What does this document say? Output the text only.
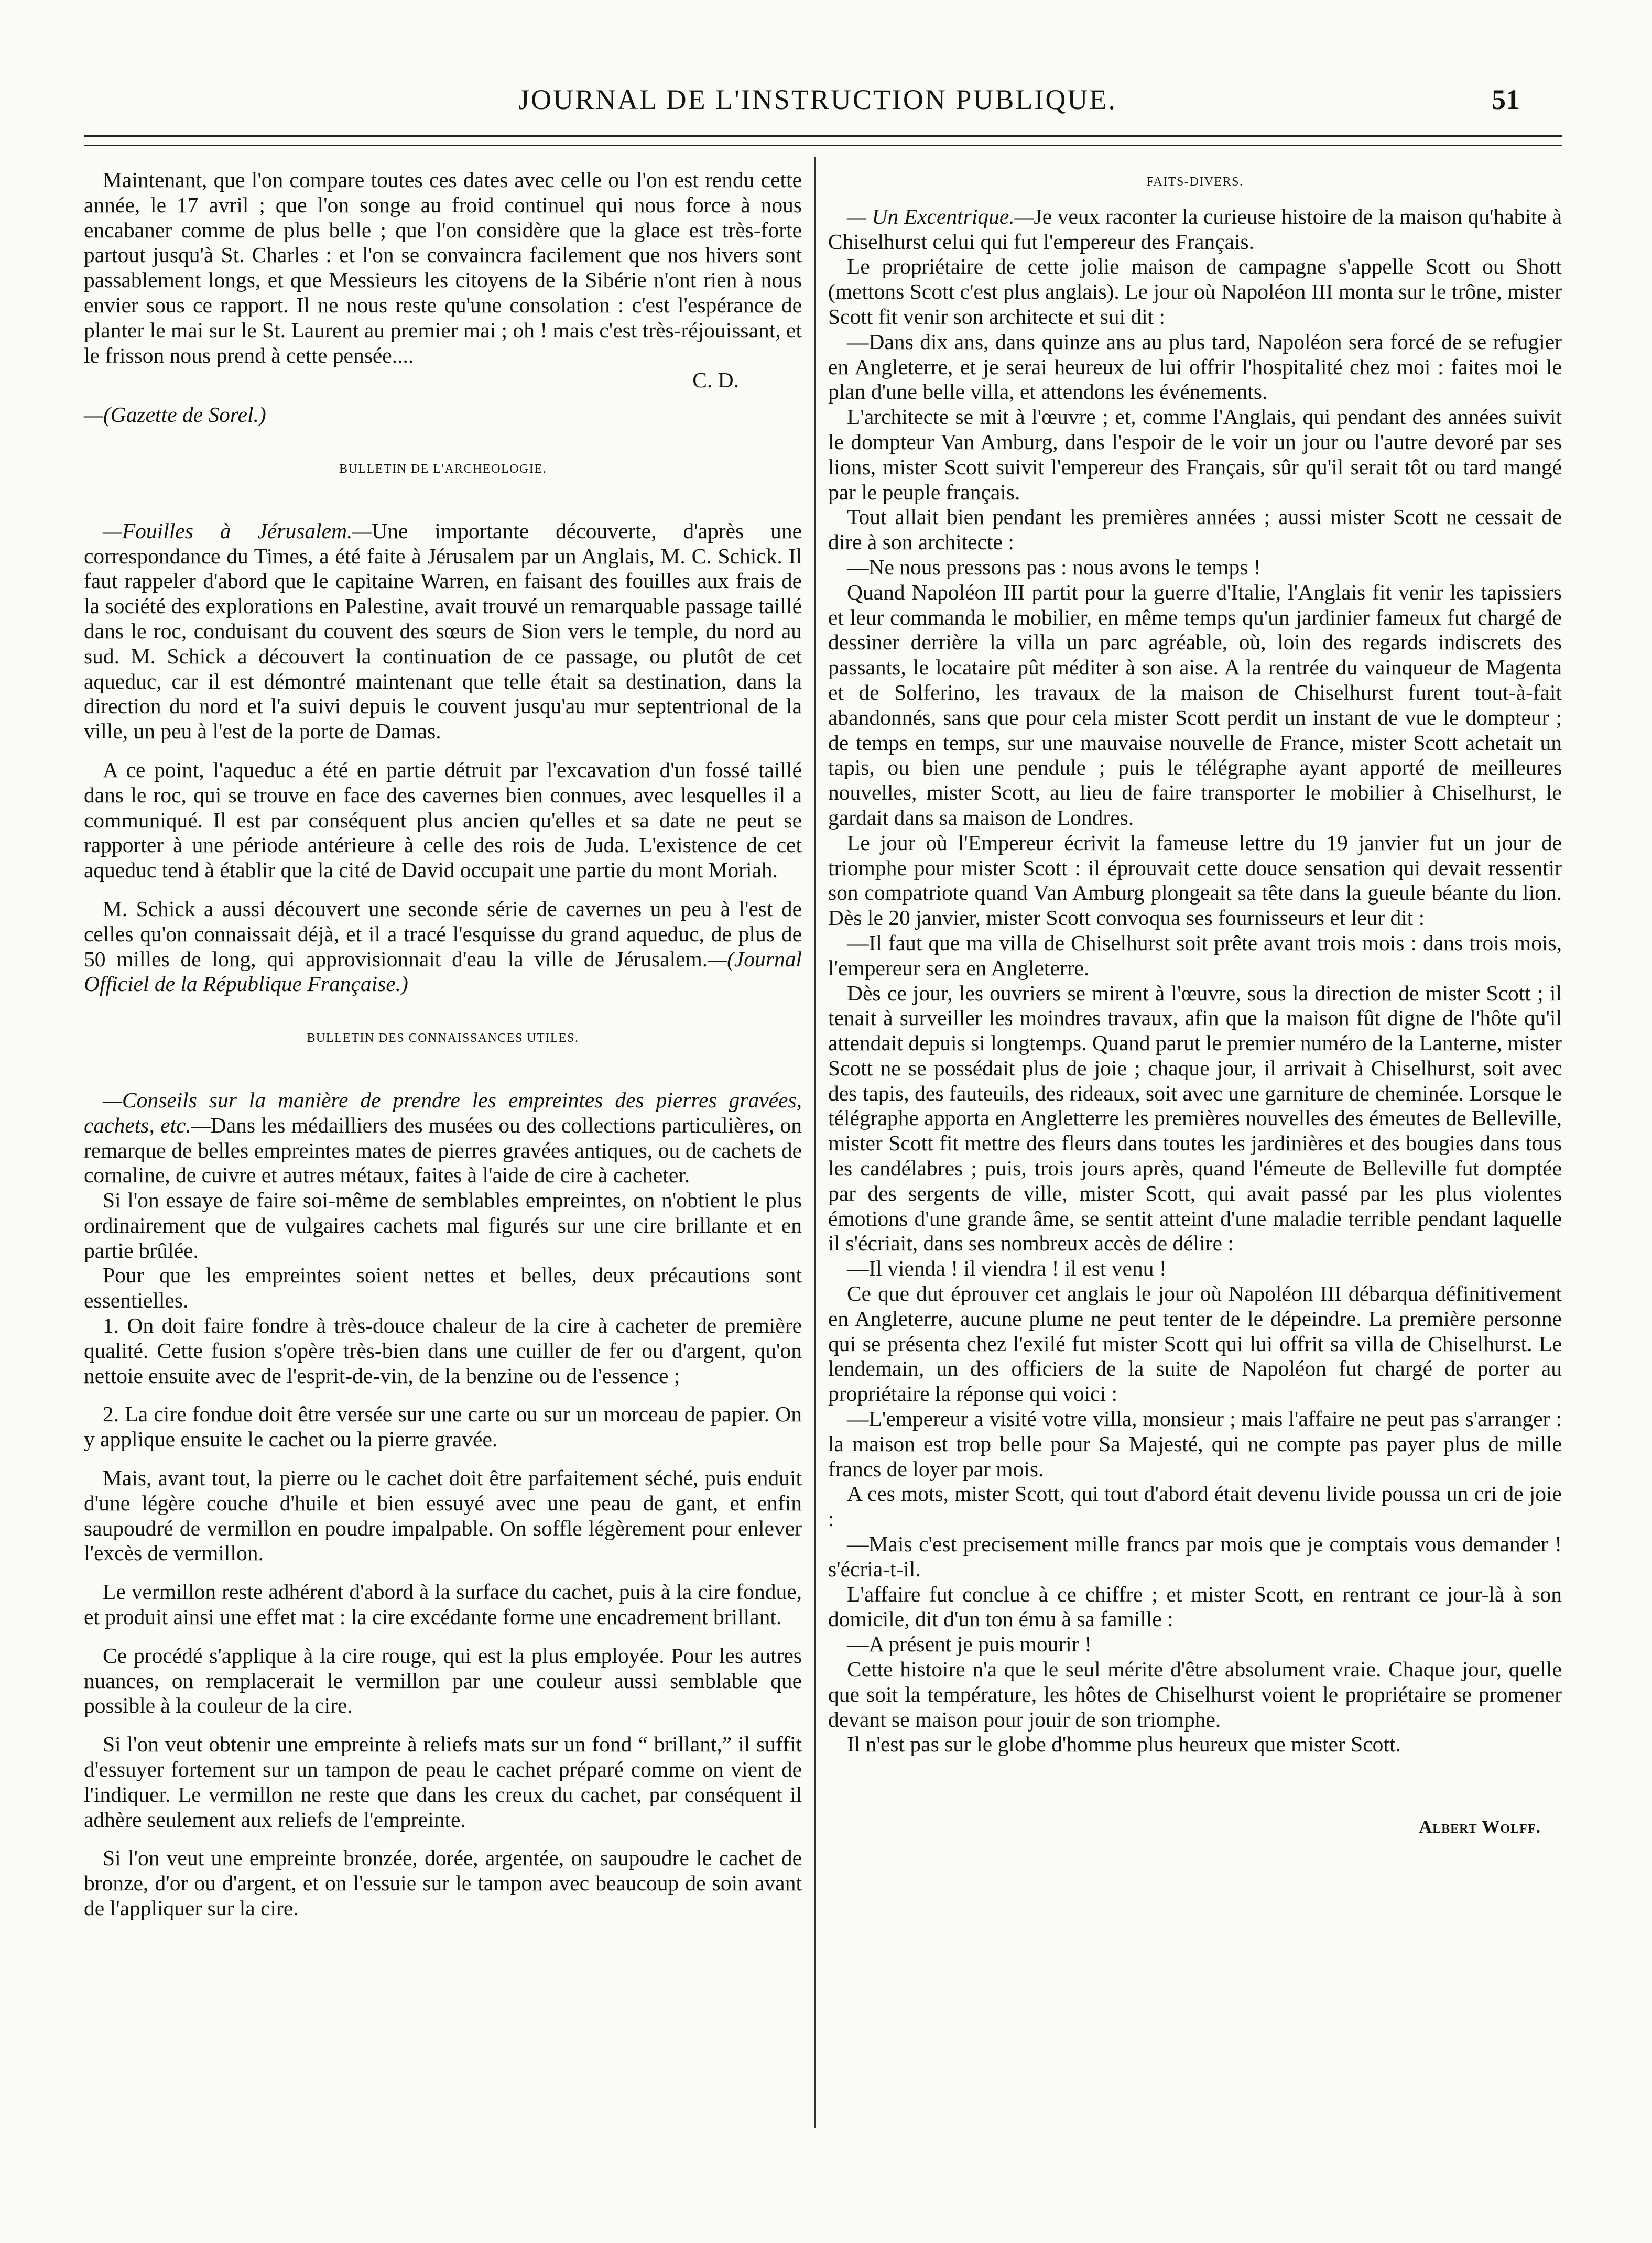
JOURNAL DE L'INSTRUCTION PUBLIQUE.	51

Maintenant, que l'on compare toutes ces dates avec celle ou l'on est rendu cette année, le 17 avril ; que l'on songe au froid continuel qui nous force à nous encabaner comme de plus belle ; que l'on considère que la glace est très-forte partout jusqu'à St. Charles : et l'on se convaincra facilement que nos hivers sont passablement longs, et que Messieurs les citoyens de la Sibérie n'ont rien à nous envier sous ce rapport. Il ne nous reste qu'une consolation : c'est l'espérance de planter le mai sur le St. Laurent au premier mai ; oh ! mais c'est très-réjouissant, et le frisson nous prend à cette pensée....

C. D.

—(Gazette de Sorel.)

BULLETIN DE L'ARCHEOLOGIE.

—Fouilles à Jérusalem.—Une importante découverte, d'après une correspondance du Times, a été faite à Jérusalem par un Anglais, M. C. Schick. Il faut rappeler d'abord que le capitaine Warren, en faisant des fouilles aux frais de la société des explorations en Palestine, avait trouvé un remarquable passage taillé dans le roc, conduisant du couvent des sœurs de Sion vers le temple, du nord au sud. M. Schick a découvert la continuation de ce passage, ou plutôt de cet aqueduc, car il est démontré maintenant que telle était sa destination, dans la direction du nord et l'a suivi depuis le couvent jusqu'au mur septentrional de la ville, un peu à l'est de la porte de Damas.

A ce point, l'aqueduc a été en partie détruit par l'excavation d'un fossé taillé dans le roc, qui se trouve en face des cavernes bien connues, avec lesquelles il a communiqué. Il est par conséquent plus ancien qu'elles et sa date ne peut se rapporter à une période antérieure à celle des rois de Juda. L'existence de cet aqueduc tend à établir que la cité de David occupait une partie du mont Moriah.

M. Schick a aussi découvert une seconde série de cavernes un peu à l'est de celles qu'on connaissait déjà, et il a tracé l'esquisse du grand aqueduc, de plus de 50 milles de long, qui approvisionnait d'eau la ville de Jérusalem.—(Journal Officiel de la République Française.)

BULLETIN DES CONNAISSANCES UTILES.

—Conseils sur la manière de prendre les empreintes des pierres gravées, cachets, etc.—Dans les médailliers des musées ou des collections particulières, on remarque de belles empreintes mates de pierres gravées antiques, ou de cachets de cornaline, de cuivre et autres métaux, faites à l'aide de cire à cacheter.

Si l'on essaye de faire soi-même de semblables empreintes, on n'obtient le plus ordinairement que de vulgaires cachets mal figurés sur une cire brillante et en partie brûlée.

Pour que les empreintes soient nettes et belles, deux précautions sont essentielles.

1. On doit faire fondre à très-douce chaleur de la cire à cacheter de première qualité. Cette fusion s'opère très-bien dans une cuiller de fer ou d'argent, qu'on nettoie ensuite avec de l'esprit-de-vin, de la benzine ou de l'essence ;

2. La cire fondue doit être versée sur une carte ou sur un morceau de papier. On y applique ensuite le cachet ou la pierre gravée.

Mais, avant tout, la pierre ou le cachet doit être parfaitement séché, puis enduit d'une légère couche d'huile et bien essuyé avec une peau de gant, et enfin saupoudré de vermillon en poudre impalpable. On soffle légèrement pour enlever l'excès de vermillon.

Le vermillon reste adhérent d'abord à la surface du cachet, puis à la cire fondue, et produit ainsi une effet mat : la cire excédante forme une encadrement brillant.

Ce procédé s'applique à la cire rouge, qui est la plus employée. Pour les autres nuances, on remplacerait le vermillon par une couleur aussi semblable que possible à la couleur de la cire.

Si l'on veut obtenir une empreinte à reliefs mats sur un fond “ brillant,” il suffit d'essuyer fortement sur un tampon de peau le cachet préparé comme on vient de l'indiquer. Le vermillon ne reste que dans les creux du cachet, par conséquent il adhère seulement aux reliefs de l'empreinte.

Si l'on veut une empreinte bronzée, dorée, argentée, on saupoudre le cachet de bronze, d'or ou d'argent, et on l'essuie sur le tampon avec beaucoup de soin avant de l'appliquer sur la cire.

FAITS-DIVERS.

— Un Excentrique.—Je veux raconter la curieuse histoire de la maison qu'habite à Chiselhurst celui qui fut l'empereur des Français.

Le propriétaire de cette jolie maison de campagne s'appelle Scott ou Shott (mettons Scott c'est plus anglais). Le jour où Napoléon III monta sur le trône, mister Scott fit venir son architecte et sui dit :

—Dans dix ans, dans quinze ans au plus tard, Napoléon sera forcé de se refugier en Angleterre, et je serai heureux de lui offrir l'hospitalité chez moi : faites moi le plan d'une belle villa, et attendons les événements.

L'architecte se mit à l'œuvre ; et, comme l'Anglais, qui pendant des années suivit le dompteur Van Amburg, dans l'espoir de le voir un jour ou l'autre devoré par ses lions, mister Scott suivit l'empereur des Français, sûr qu'il serait tôt ou tard mangé par le peuple français.

Tout allait bien pendant les premières années ; aussi mister Scott ne cessait de dire à son architecte :

—Ne nous pressons pas : nous avons le temps !

Quand Napoléon III partit pour la guerre d'Italie, l'Anglais fit venir les tapissiers et leur commanda le mobilier, en même temps qu'un jardinier fameux fut chargé de dessiner derrière la villa un parc agréable, où, loin des regards indiscrets des passants, le locataire pût méditer à son aise. A la rentrée du vainqueur de Magenta et de Solferino, les travaux de la maison de Chiselhurst furent tout-à-fait abandonnés, sans que pour cela mister Scott perdit un instant de vue le dompteur ; de temps en temps, sur une mauvaise nouvelle de France, mister Scott achetait un tapis, ou bien une pendule ; puis le télégraphe ayant apporté de meilleures nouvelles, mister Scott, au lieu de faire transporter le mobilier à Chiselhurst, le gardait dans sa maison de Londres.

Le jour où l'Empereur écrivit la fameuse lettre du 19 janvier fut un jour de triomphe pour mister Scott : il éprouvait cette douce sensation qui devait ressentir son compatriote quand Van Amburg plongeait sa tête dans la gueule béante du lion. Dès le 20 janvier, mister Scott convoqua ses fournisseurs et leur dit :

—Il faut que ma villa de Chiselhurst soit prête avant trois mois : dans trois mois, l'empereur sera en Angleterre.

Dès ce jour, les ouvriers se mirent à l'œuvre, sous la direction de mister Scott ; il tenait à surveiller les moindres travaux, afin que la maison fût digne de l'hôte qu'il attendait depuis si longtemps. Quand parut le premier numéro de la Lanterne, mister Scott ne se possédait plus de joie ; chaque jour, il arrivait à Chiselhurst, soit avec des tapis, des fauteuils, des rideaux, soit avec une garniture de cheminée. Lorsque le télégraphe apporta en Angletterre les premières nouvelles des émeutes de Belleville, mister Scott fit mettre des fleurs dans toutes les jardinières et des bougies dans tous les candélabres ; puis, trois jours après, quand l'émeute de Belleville fut domptée par des sergents de ville, mister Scott, qui avait passé par les plus violentes émotions d'une grande âme, se sentit atteint d'une maladie terrible pendant laquelle il s'écriait, dans ses nombreux accès de délire :

—Il vienda ! il viendra ! il est venu !

Ce que dut éprouver cet anglais le jour où Napoléon III débarqua définitivement en Angleterre, aucune plume ne peut tenter de le dépeindre. La première personne qui se présenta chez l'exilé fut mister Scott qui lui offrit sa villa de Chiselhurst. Le lendemain, un des officiers de la suite de Napoléon fut chargé de porter au propriétaire la réponse qui voici :

—L'empereur a visité votre villa, monsieur ; mais l'affaire ne peut pas s'arranger : la maison est trop belle pour Sa Majesté, qui ne compte pas payer plus de mille francs de loyer par mois.

A ces mots, mister Scott, qui tout d'abord était devenu livide poussa un cri de joie :

—Mais c'est precisement mille francs par mois que je comptais vous demander ! s'écria-t-il.

L'affaire fut conclue à ce chiffre ; et mister Scott, en rentrant ce jour-là à son domicile, dit d'un ton ému à sa famille :

—A présent je puis mourir !

Cette histoire n'a que le seul mérite d'être absolument vraie. Chaque jour, quelle que soit la température, les hôtes de Chiselhurst voient le propriétaire se promener devant se maison pour jouir de son triomphe.

Il n'est pas sur le globe d'homme plus heureux que mister Scott.

Albert Wolff.
